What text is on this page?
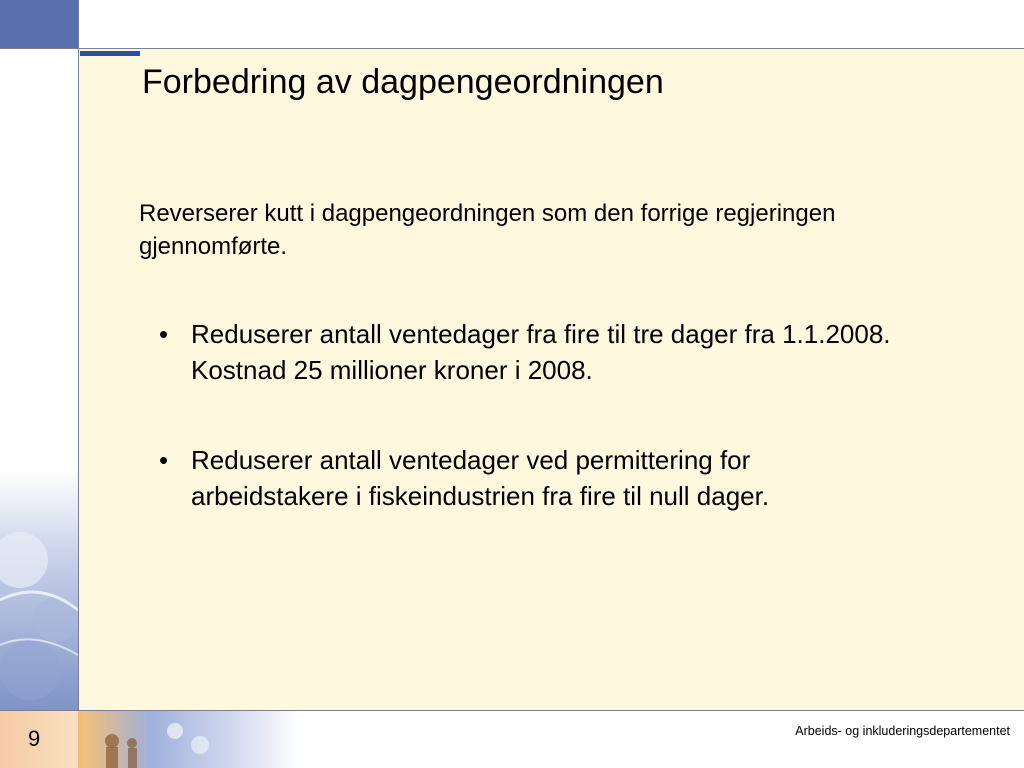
9	Arbeids- og inkluderingsdepartementet
Forbedring av dagpengeordningen
Reverserer kutt i dagpengeordningen som den forrige regjeringen gjennomførte.
• Reduserer antall ventedager fra fire til tre dager fra 1.1.2008. Kostnad 25 millioner kroner i 2008.
• Reduserer antall ventedager ved permittering for arbeidstakere i fiskeindustrien fra fire til null dager.
